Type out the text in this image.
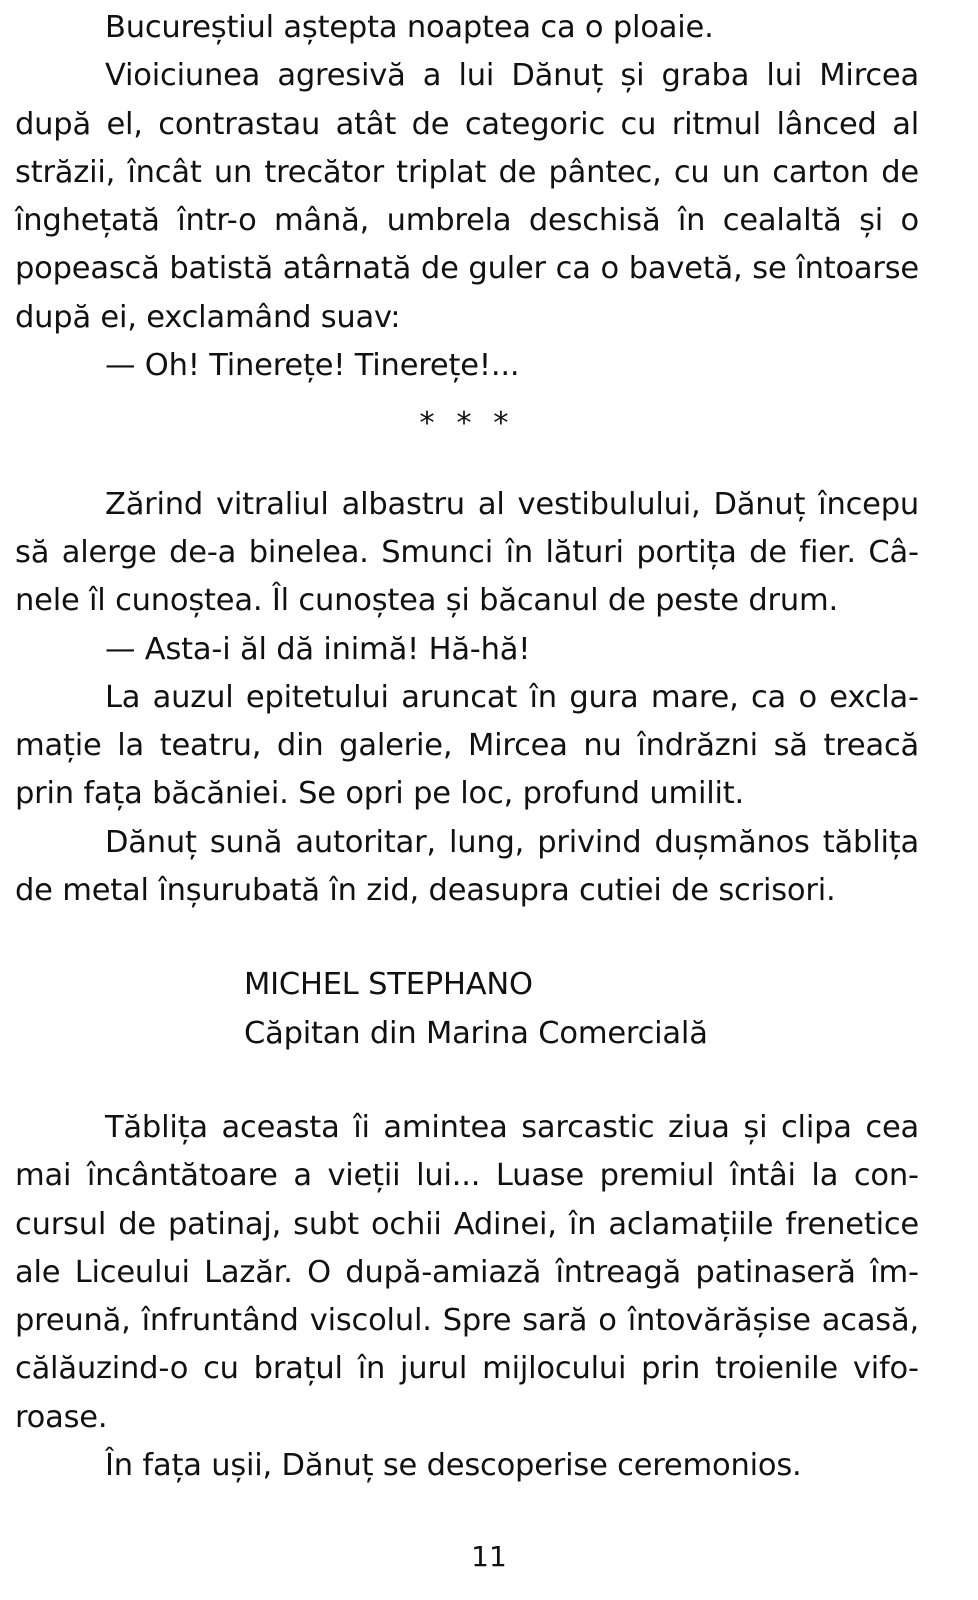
Bucureștiul aștepta noaptea ca o ploaie.

Vioiciunea agresivă a lui Dănuț și graba lui Mircea după el, contrastau atât de categoric cu ritmul lânced al străzii, încât un trecător triplat de pântec, cu un carton de înghețată într-o mână, umbrela deschisă în cealaltă și o popească batistă atârnată de guler ca o bavetă, se întoarse după ei, exclamând suav:

— Oh! Tinerețe! Tinerețe!...

* * *

Zărind vitraliul albastru al vestibulului, Dănuț începu să alerge de-a binelea. Smunci în lături portița de fier. Cânele îl cunoștea. Îl cunoștea și băcanul de peste drum.

— Asta-i ăl dă inimă! Hă-hă!

La auzul epitetului aruncat în gura mare, ca o exclamație la teatru, din galerie, Mircea nu îndrăzni să treacă prin fața băcăniei. Se opri pe loc, profund umilit.

Dănuț sună autoritar, lung, privind dușmănos tăblița de metal înșurubată în zid, deasupra cutiei de scrisori.

MICHEL STEPHANO
Căpitan din Marina Comercială

Tăblița aceasta îi amintea sarcastic ziua și clipa cea mai încântătoare a vieții lui... Luase premiul întâi la concursul de patinaj, subt ochii Adinei, în aclamațiile frenetice ale Liceului Lazăr. O după-amiază întreagă patinaseră împreună, înfruntând viscolul. Spre sară o întovărășise acasă, călăuzind-o cu brațul în jurul mijlocului prin troienile viforoase.

În fața ușii, Dănuț se descoperise ceremonios.

11
